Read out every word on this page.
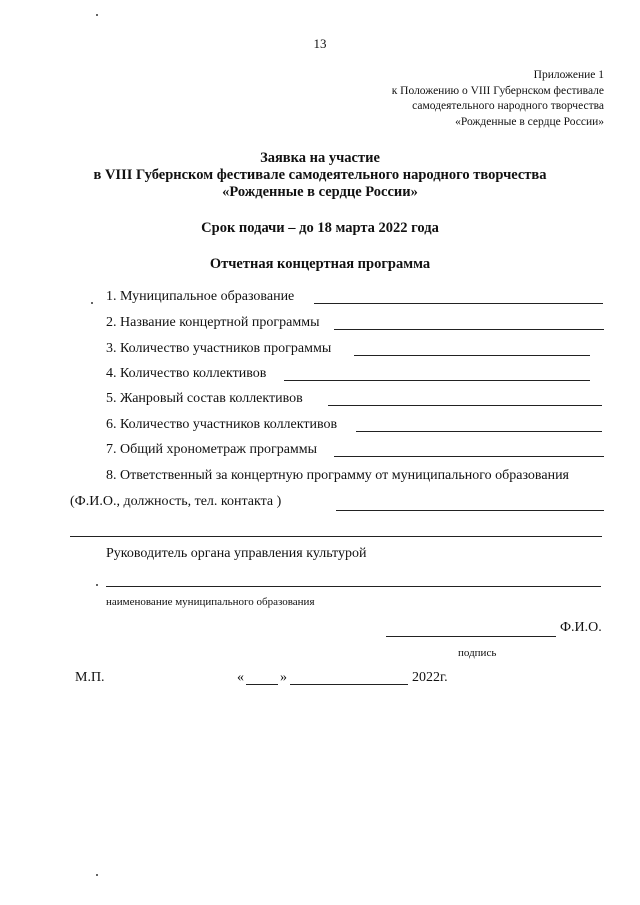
13
Приложение 1
к Положению о VIII Губернском фестивале
самодеятельного народного творчества
«Рожденные в сердце России»
Заявка на участие
в VIII Губернском фестивале самодеятельного народного творчества
«Рожденные в сердце России»
Срок подачи – до 18 марта 2022 года
Отчетная концертная программа
1. Муниципальное образование
2. Название концертной программы
3. Количество участников программы
4. Количество коллективов
5. Жанровый состав коллективов
6. Количество участников коллективов
7. Общий хронометраж программы
8. Ответственный за концертную программу от муниципального образования
(Ф.И.О., должность, тел. контакта )
Руководитель органа управления культурой
наименование муниципального образования
Ф.И.О.
подпись
М.П.	«	»	2022г.
